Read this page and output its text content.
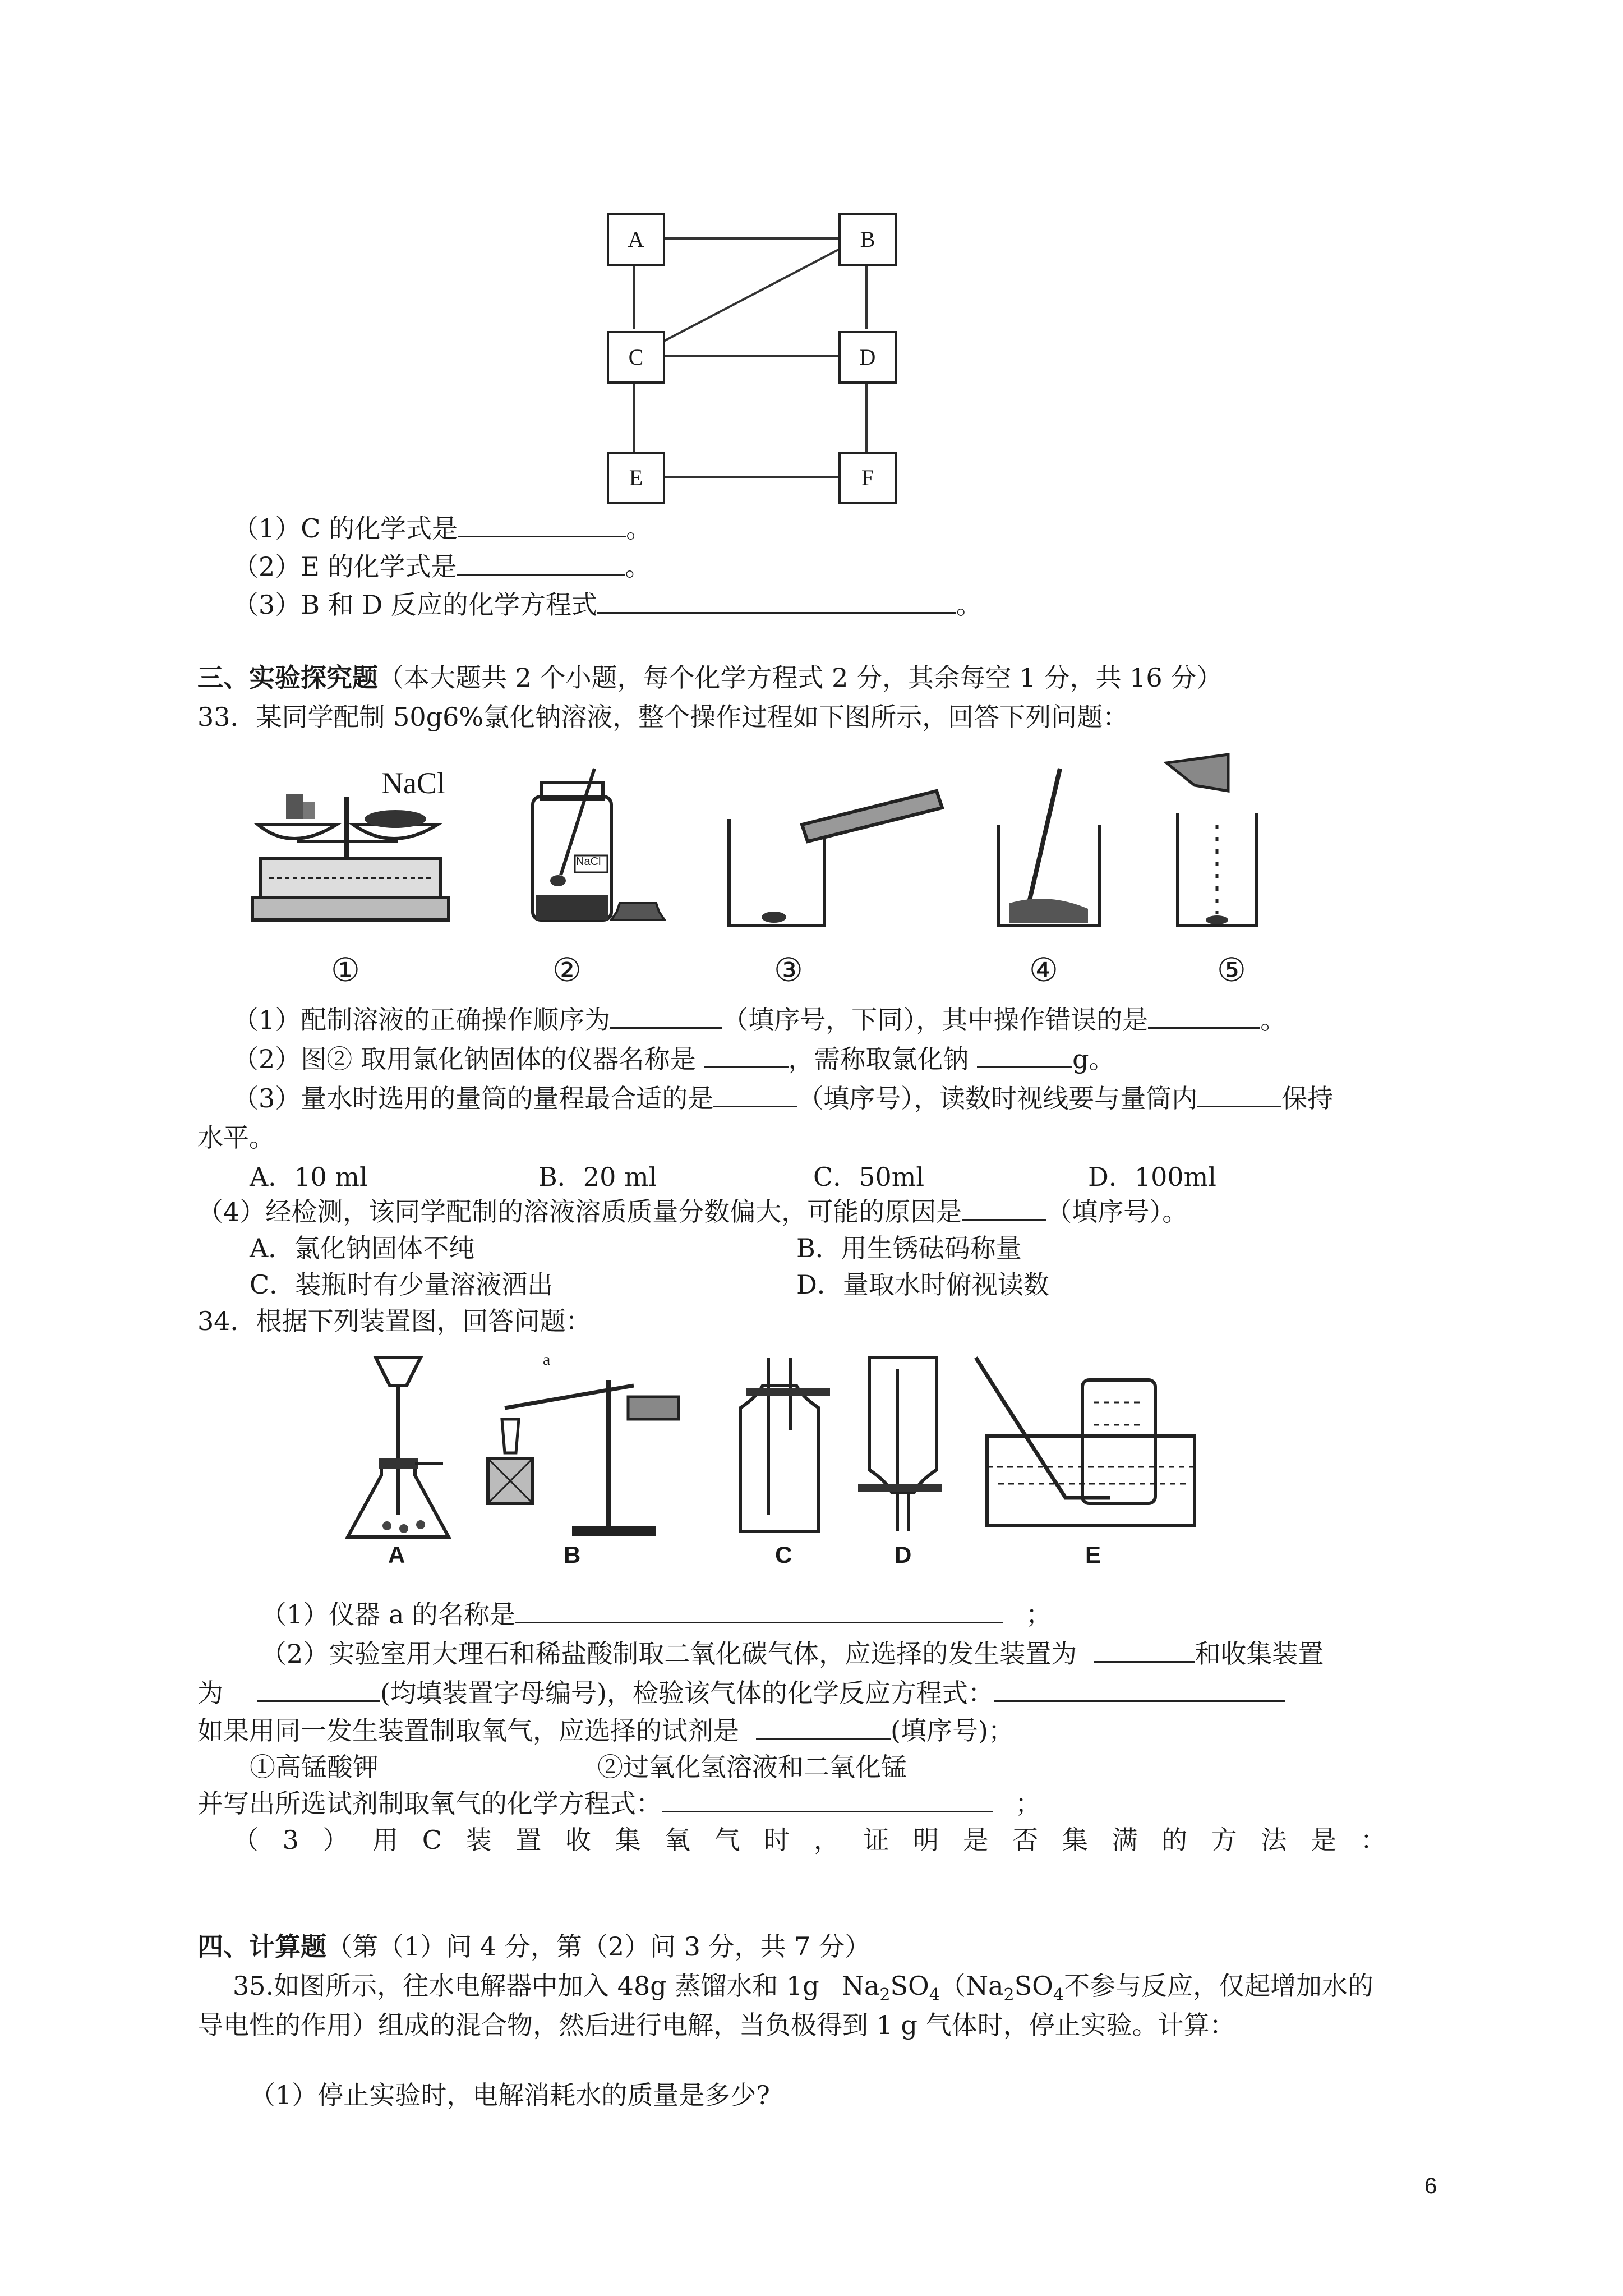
A	B
C	D
E	F
（1）C 的化学式是	。
（2）E 的化学式是	。
（3）B 和 D 反应的化学方程式	。
三、实验探究题（本大题共 2 个小题，每个化学方程式 2 分，其余每空 1 分，共 16 分）
33．某同学配制 50g6%氯化钠溶液，整个操作过程如下图所示，回答下列问题：
NaCl
NaCl
①	②	③	④	⑤
（1）配制溶液的正确操作顺序为	（填序号，下同），其中操作错误的是	。
（2）图② 取用氯化钠固体的仪器名称是	，需称取氯化钠	g。
（3）量水时选用的量筒的量程最合适的是	（填序号），读数时视线要与量筒内	保持
水平。
A．10 ml	B．20 ml	C．50ml	D．100ml
（4）经检测，该同学配制的溶液溶质质量分数偏大，可能的原因是	（填序号）。
A．氯化钠固体不纯	B．用生锈砝码称量
C．装瓶时有少量溶液洒出	D．量取水时俯视读数
34．根据下列装置图，回答问题：
a
A	B	C	D	E
（1）仪器 a 的名称是	；
（2）实验室用大理石和稀盐酸制取二氧化碳气体，应选择的发生装置为	和收集装置
为	(均填装置字母编号)，检验该气体的化学反应方程式：
如果用同一发生装置制取氧气，应选择的试剂是	(填序号)；
①高锰酸钾	②过氧化氢溶液和二氧化锰
并写出所选试剂制取氧气的化学方程式：	；
（ 3 ） 用 C 装 置 收 集 氧 气 时 ， 证 明 是 否 集 满 的 方 法 是 ：
四、计算题（第（1）问 4 分，第（2）问 3 分，共 7 分）
35.如图所示，往水电解器中加入 48g 蒸馏水和 1g $Na_2SO_4(Na_2SO_4$不参与反应，仅起增加水的
导电性的作用）组成的混合物，然后进行电解，当负极得到 1 g 气体时，停止实验。计算：
（1）停止实验时，电解消耗水的质量是多少?
6
